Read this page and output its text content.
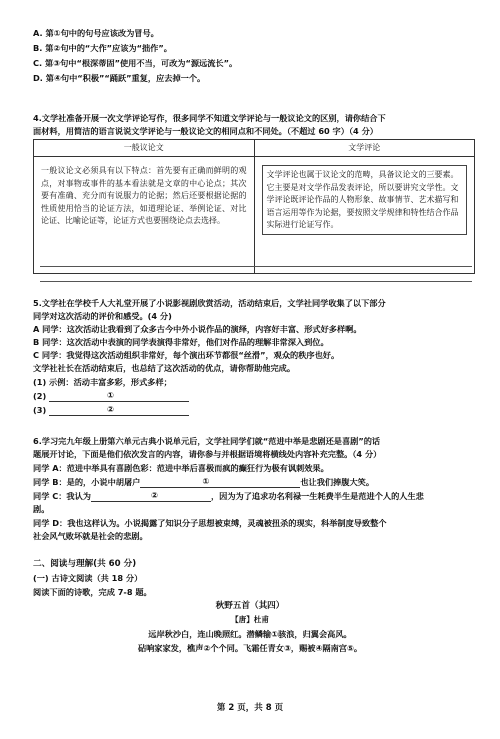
A. 第①句中的句号应该改为冒号。
B. 第②句中的“大作”应该为“拙作”。
C. 第③句中“根深蒂固”使用不当，可改为“源远流长”。
D. 第④句中“积极”“踊跃”重复，应去掉一个。
4.文学社准备开展一次文学评论写作，很多同学不知道文学评论与一般议论文的区别，请你结合下
面材料，用简洁的语言说说文学评论与一般议论文的相同点和不同处。（不超过 60 字）（4 分）
一般议论文	文学评论

一般议论文必须具有以下特点：首先要有正确而鲜明的观点，对事物或事件的基本看法就是文章的中心论点；其次要有准确、充分而有说服力的论据；然后还要根据论据的性质使用恰当的论证方法，如道理论证、举例论证、对比论证、比喻论证等，论证方式也要围绕论点去选择。	文学评论也属于议论文的范畴，具备议论文的三要素。它主要是对文学作品发表评论，所以要讲究文学性。文学评论既评论作品的人物形象、故事情节、艺术描写和语言运用等作为论据，要按照文学规律和特性结合作品实际进行论证写作。
5.文学社在学校千人大礼堂开展了小说影视剧欣赏活动，活动结束后，文学社同学收集了以下部分
同学对这次活动的评价和感受。(4 分)
A 同学：这次活动让我看到了众多古今中外小说作品的演绎，内容好丰富、形式好多样啊。
B 同学：这次活动中表演的同学表演得非常好，他们对作品的理解非常深入到位。
C 同学：我觉得这次活动组织非常好，每个演出环节都很“丝滑”，观众的秩序也好。
文学社社长在活动结束后，也总结了这次活动的优点，请你帮助他完成。
(1) 示例：活动丰富多彩，形式多样；
(2)	①
(3)	②
6.学习完九年级上册第六单元古典小说单元后，文学社同学们就“范进中举是悲剧还是喜剧”的话
题展开讨论，下面是他们依次发言的内容，请你参与并根据语境将横线处内容补充完整。（4 分）
同学 A：范进中举具有喜剧色彩：范进中举后喜极而疯的癫狂行为极有讽刺效果。
同学 B：是的，小说中胡屠户	①	也让我们捧腹大笑。
同学 C：我认为	②	，因为为了追求功名利禄一生耗费半生是范进个人的人生悲
剧。
同学 D：我也这样认为。小说揭露了知识分子思想被束缚，灵魂被扭杀的现实，科举制度导致整个
社会风气败坏就是社会的悲剧。
二、阅读与理解(共 60 分)
(一) 古诗文阅读（共 18 分）
阅读下面的诗歌，完成 7-8 题。
秋野五首（其四）
【唐】杜甫
远岸秋沙白，连山晚照红。潜鳞输①骇浪，归翼会高风。
砧响家家发，樵声②个个同。飞霜任青女③，赐被④隔南宫⑤。
第 2 页，共 8 页
